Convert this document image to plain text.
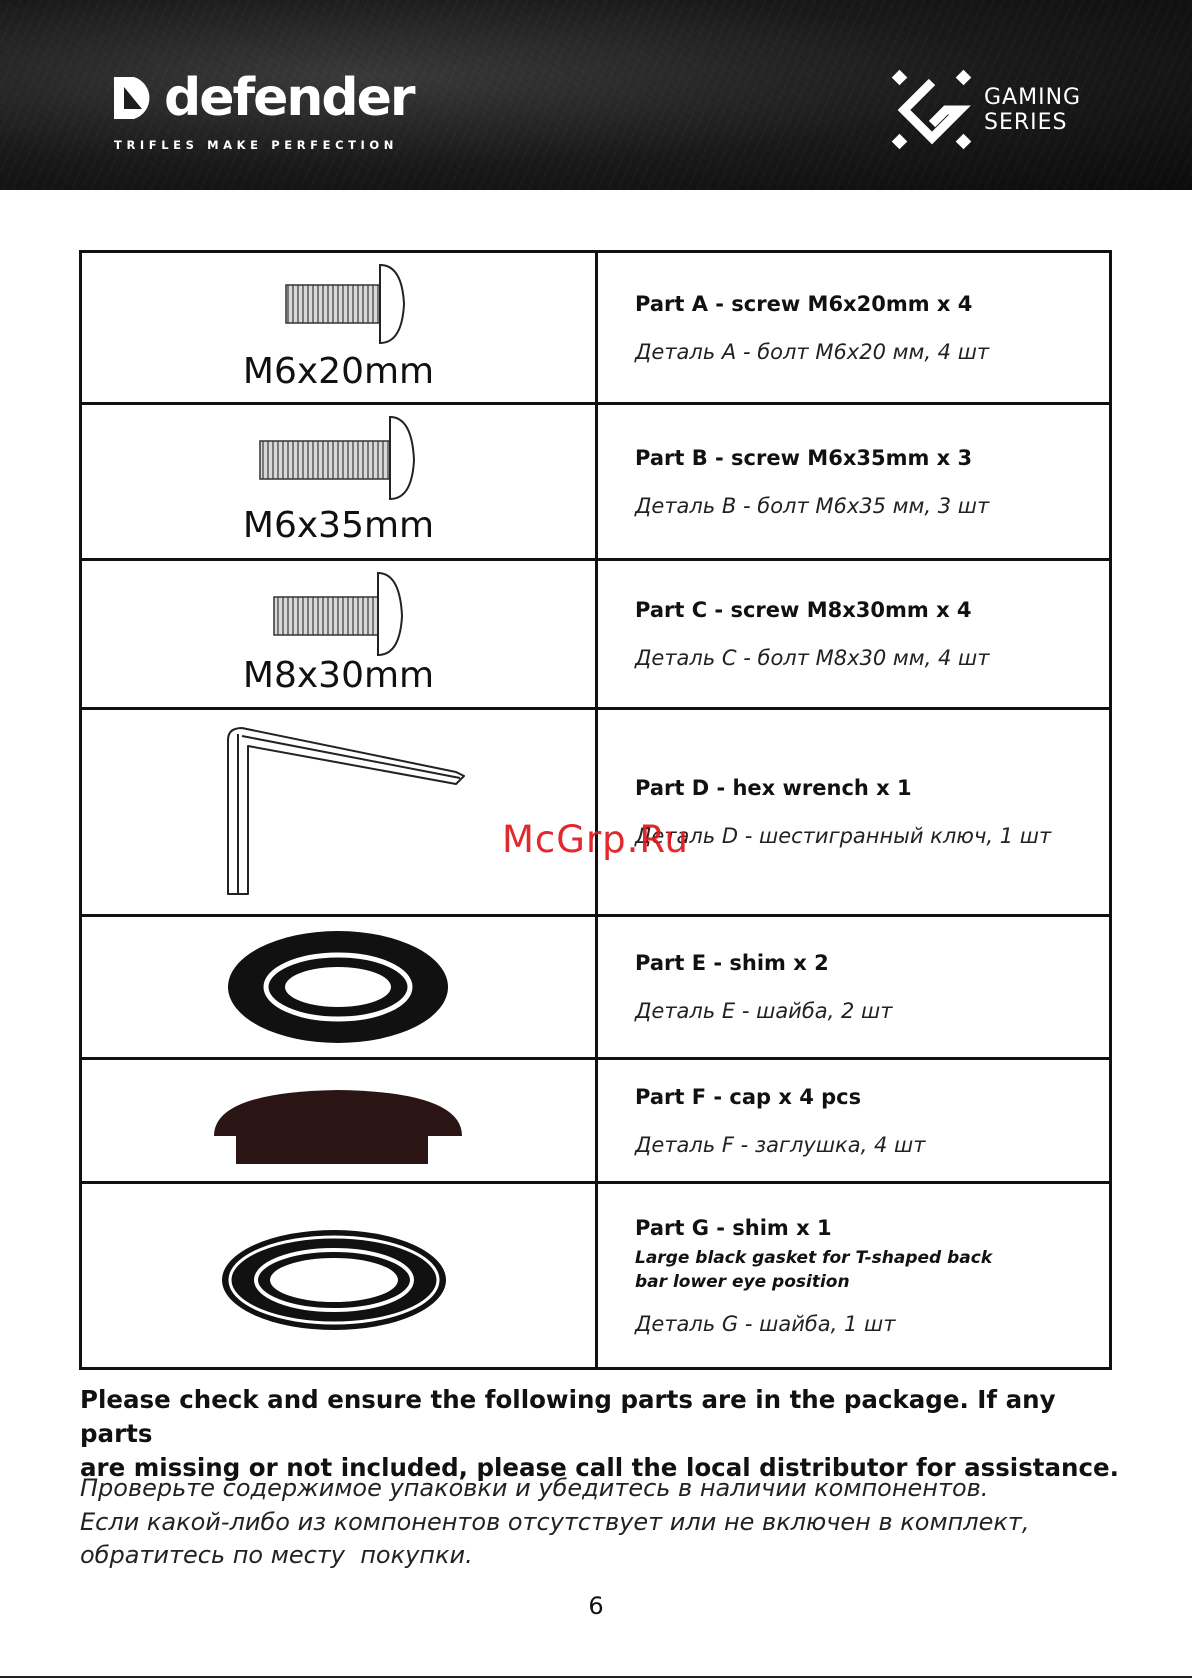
defender
TRIFLES MAKE PERFECTION
GAMING
SERIES
M6x20mm	Part A - screw M6x20mm x 4

Деталь A - болт M6x20 мм, 4 шт

M6x35mm	Part B - screw M6x35mm x 3

Деталь B - болт M6x35 мм, 3 шт

M8x30mm	Part C - screw M8x30mm x 4

Деталь C - болт M8x30 мм, 4 шт

Part D - hex wrench x 1

Деталь D - шестигранный ключ, 1 шт

Part E - shim x 2

Деталь E - шайба, 2 шт

Part F - cap x 4 pcs

Деталь F - заглушка, 4 шт

Part G - shim x 1

Large black gasket for T-shaped back
bar lower eye position

Деталь G - шайба, 1 шт

McGrp.Ru
Please check and ensure the following parts are in the package. If any parts
are missing or not included, please call the local distributor for assistance.
Проверьте содержимое упаковки и убедитесь в наличии компонентов.
Если какой-либо из компонентов отсутствует или не включен в комплект,
обратитесь по месту  покупки.
6
